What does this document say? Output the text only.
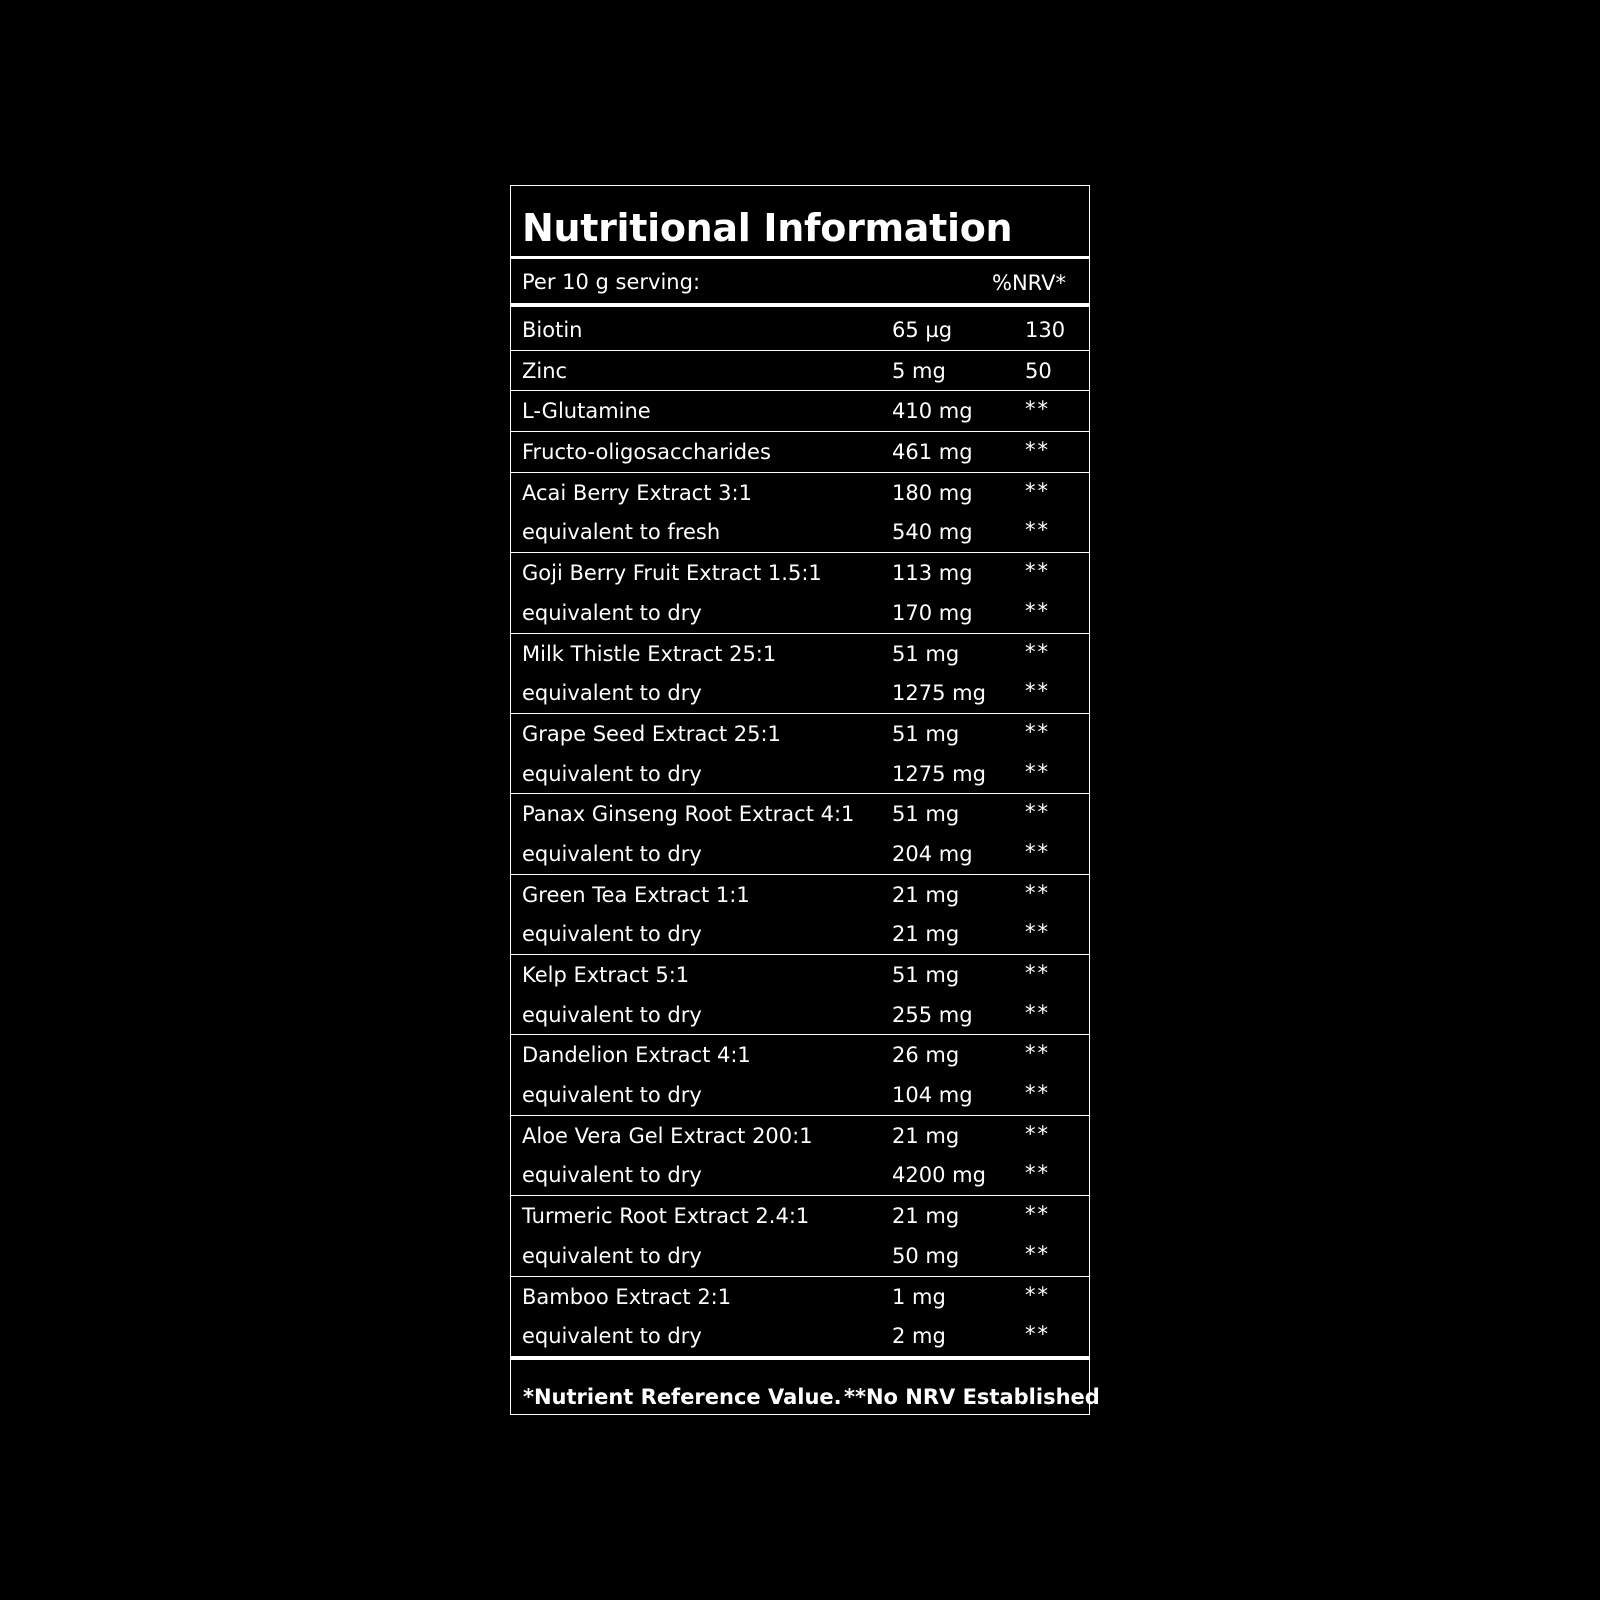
Nutritional Information
Per 10 g serving:	%NRV*
Biotin	65 µg	130
Zinc	5 mg	50
L-Glutamine	410 mg **
Fructo-oligosaccharides	461 mg **
Acai Berry Extract 3:1	180 mg **
equivalent to fresh	540 mg **
Goji Berry Fruit Extract 1.5:1	113 mg **
equivalent to dry	170 mg **
Milk Thistle Extract 25:1	51 mg	**
equivalent to dry	1275 mg **
Grape Seed Extract 25:1	51 mg	**
equivalent to dry	1275 mg **
Panax Ginseng Root Extract 4:1 51 mg	**
equivalent to dry	204 mg **
Green Tea Extract 1:1	21 mg	**
equivalent to dry	21 mg	**
Kelp Extract 5:1	51 mg	**
equivalent to dry	255 mg **
Dandelion Extract 4:1	26 mg	**
equivalent to dry	104 mg **
Aloe Vera Gel Extract 200:1	21 mg	**
equivalent to dry	4200 mg **
Turmeric Root Extract 2.4:1	21 mg	**
equivalent to dry	50 mg	**
Bamboo Extract 2:1	1 mg	**
equivalent to dry	2 mg	**
*Nutrient Reference Value. **No NRV Established
